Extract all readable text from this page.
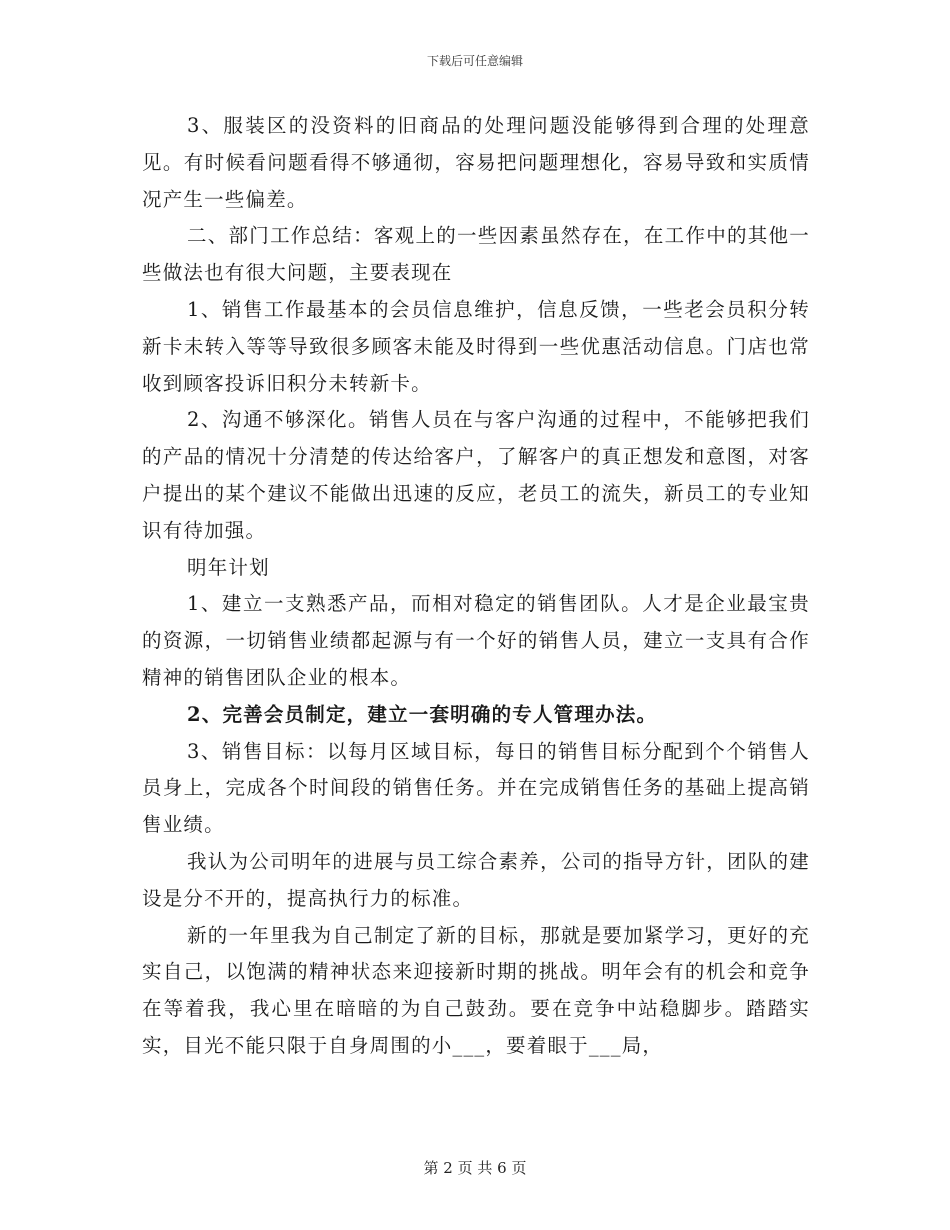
下载后可任意编辑

3、服装区的没资料的旧商品的处理问题没能够得到合理的处理意见。有时候看问题看得不够通彻，容易把问题理想化，容易导致和实质情况产生一些偏差。

二、部门工作总结：客观上的一些因素虽然存在，在工作中的其他一些做法也有很大问题，主要表现在

1、销售工作最基本的会员信息维护，信息反馈，一些老会员积分转新卡未转入等等导致很多顾客未能及时得到一些优惠活动信息。门店也常收到顾客投诉旧积分未转新卡。

2、沟通不够深化。销售人员在与客户沟通的过程中，不能够把我们的产品的情况十分清楚的传达给客户，了解客户的真正想发和意图，对客户提出的某个建议不能做出迅速的反应，老员工的流失，新员工的专业知识有待加强。

明年计划

1、建立一支熟悉产品，而相对稳定的销售团队。人才是企业最宝贵的资源，一切销售业绩都起源与有一个好的销售人员，建立一支具有合作精神的销售团队企业的根本。

2、完善会员制定，建立一套明确的专人管理办法。

3、销售目标：以每月区域目标，每日的销售目标分配到个个销售人员身上，完成各个时间段的销售任务。并在完成销售任务的基础上提高销售业绩。

我认为公司明年的进展与员工综合素养，公司的指导方针，团队的建设是分不开的，提高执行力的标准。

新的一年里我为自己制定了新的目标，那就是要加紧学习，更好的充实自己，以饱满的精神状态来迎接新时期的挑战。明年会有的机会和竞争在等着我，我心里在暗暗的为自己鼓劲。要在竞争中站稳脚步。踏踏实实，目光不能只限于自身周围的小___，要着眼于___局，

第 2 页 共 6 页
